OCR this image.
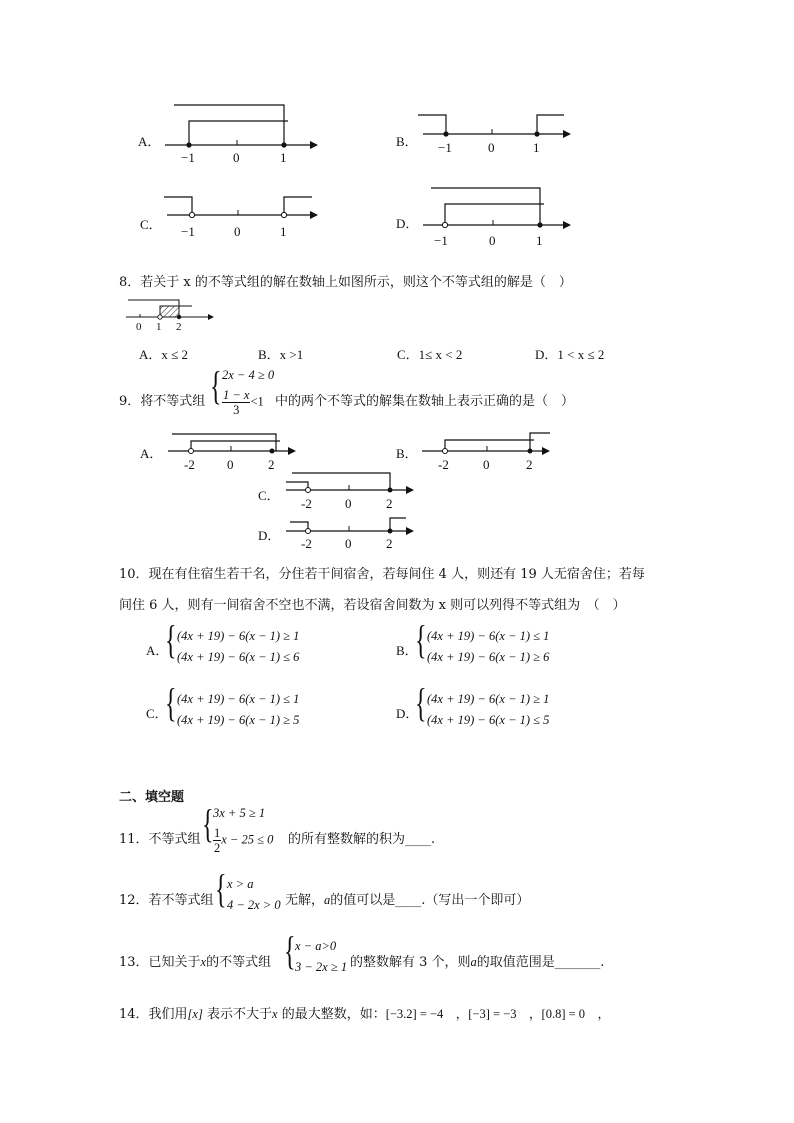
A．
−1	0	1
B． −1	0	1
C． −1	0	1
D．
−1	0	1
8．若关于 x 的不等式组的解在数轴上如图所示，则这个不等式组的解是（　）
0 1 2
A．x ≤ 2	B．x >1	C．1≤ x < 2	D．1 < x ≤ 2
9．将不等式组 { 2x − 4 ≥ 0
$\frac{1 - x}{3} <1$ 中的两个不等式的解集在数轴上表示正确的是（　）
A．
-2 0	2
B．
-2	0	2
C．
-2	0	2
D．
-2	0	2
10．现在有住宿生若干名，分住若干间宿舍，若每间住 4 人，则还有 19 人无宿舍住；若每
间住 6 人，则有一间宿舍不空也不满，若设宿舍间数为 x 则可以列得不等式组为　（　）
A．
{ (4x + 19) − 6(x − 1) ≥ 1
(4x + 19) − 6(x − 1) ≤ 6	B．
{ (4x + 19) − 6(x − 1) ≤ 1
(4x + 19) − 6(x − 1) ≥ 6
C．
{ (4x + 19) − 6(x − 1) ≤ 1
(4x + 19) − 6(x − 1) ≥ 5	D．
{ (4x + 19) − 6(x − 1) ≥ 1
(4x + 19) − 6(x − 1) ≤ 5
二、填空题
11．不等式组 { 3x + 5 ≥ 1
$\frac{1}{2}$ x − 25 ≤ 0 的所有整数解的积为____.
12．若不等式组 { x > a
4 − 2x > 0 无解，a的值可以是____.（写出一个即可）
13．已知关于x的不等式组 { x − a>0
3 − 2x ≥ 1 的整数解有 3 个，则a的取值范围是_______.
14．我们用[x] 表示不大于x 的最大整数，如：[−3.2] = −4　，[−3] = −3　，[0.8] = 0　，
